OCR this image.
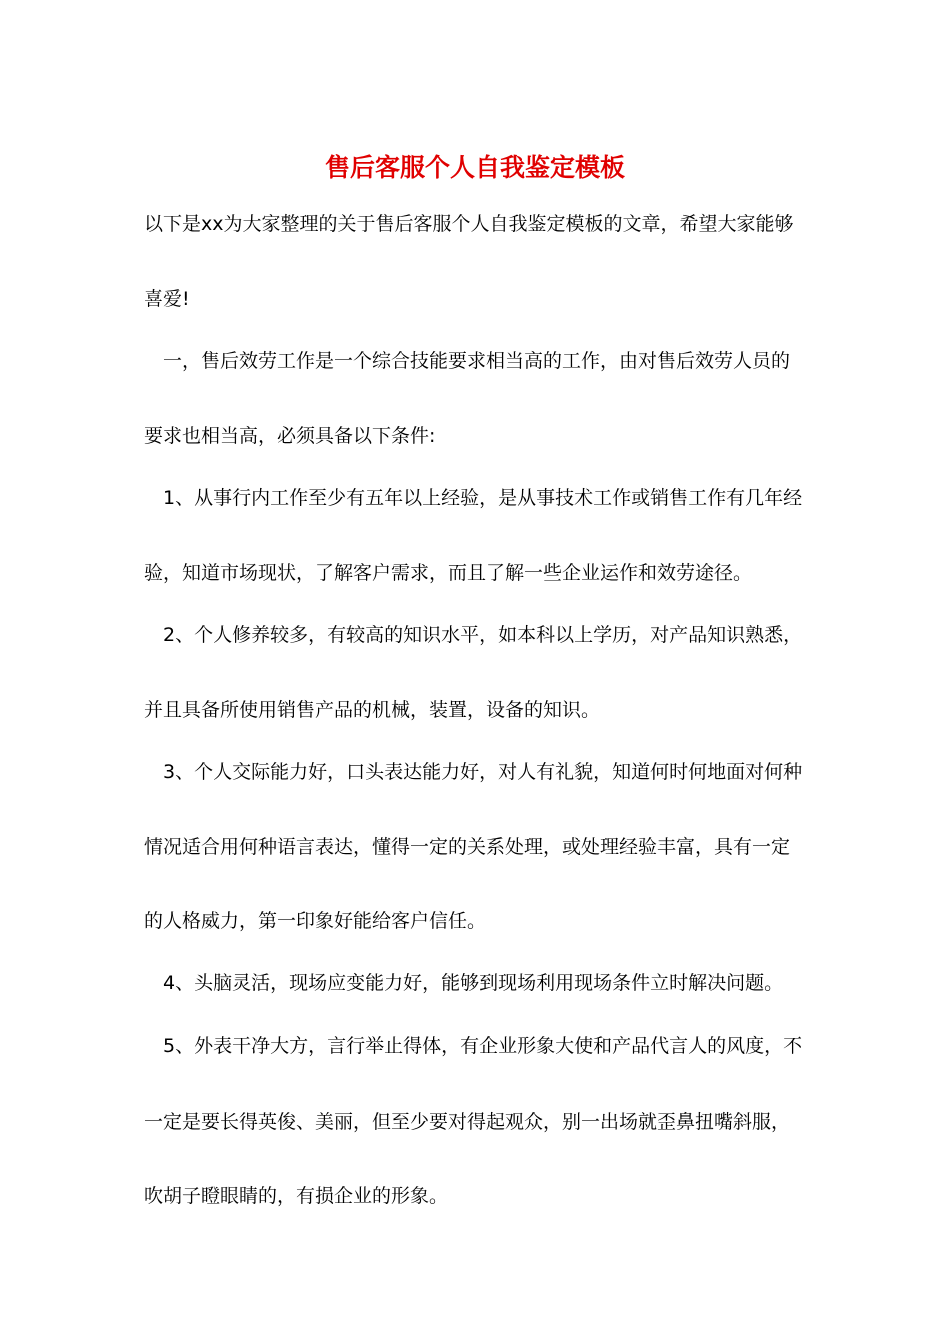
售后客服个人自我鉴定模板

以下是xx为大家整理的关于售后客服个人自我鉴定模板的文章，希望大家能够

喜爱!

一，售后效劳工作是一个综合技能要求相当高的工作，由对售后效劳人员的

要求也相当高，必须具备以下条件:

1、从事行内工作至少有五年以上经验，是从事技术工作或销售工作有几年经

验，知道市场现状，了解客户需求，而且了解一些企业运作和效劳途径。

2、个人修养较多，有较高的知识水平，如本科以上学历，对产品知识熟悉，

并且具备所使用销售产品的机械，装置，设备的知识。

3、个人交际能力好，口头表达能力好，对人有礼貌，知道何时何地面对何种

情况适合用何种语言表达，懂得一定的关系处理，或处理经验丰富，具有一定

的人格威力，第一印象好能给客户信任。

4、头脑灵活，现场应变能力好，能够到现场利用现场条件立时解决问题。

5、外表干净大方，言行举止得体，有企业形象大使和产品代言人的风度，不

一定是要长得英俊、美丽，但至少要对得起观众，别一出场就歪鼻扭嘴斜服，

吹胡子瞪眼睛的，有损企业的形象。
